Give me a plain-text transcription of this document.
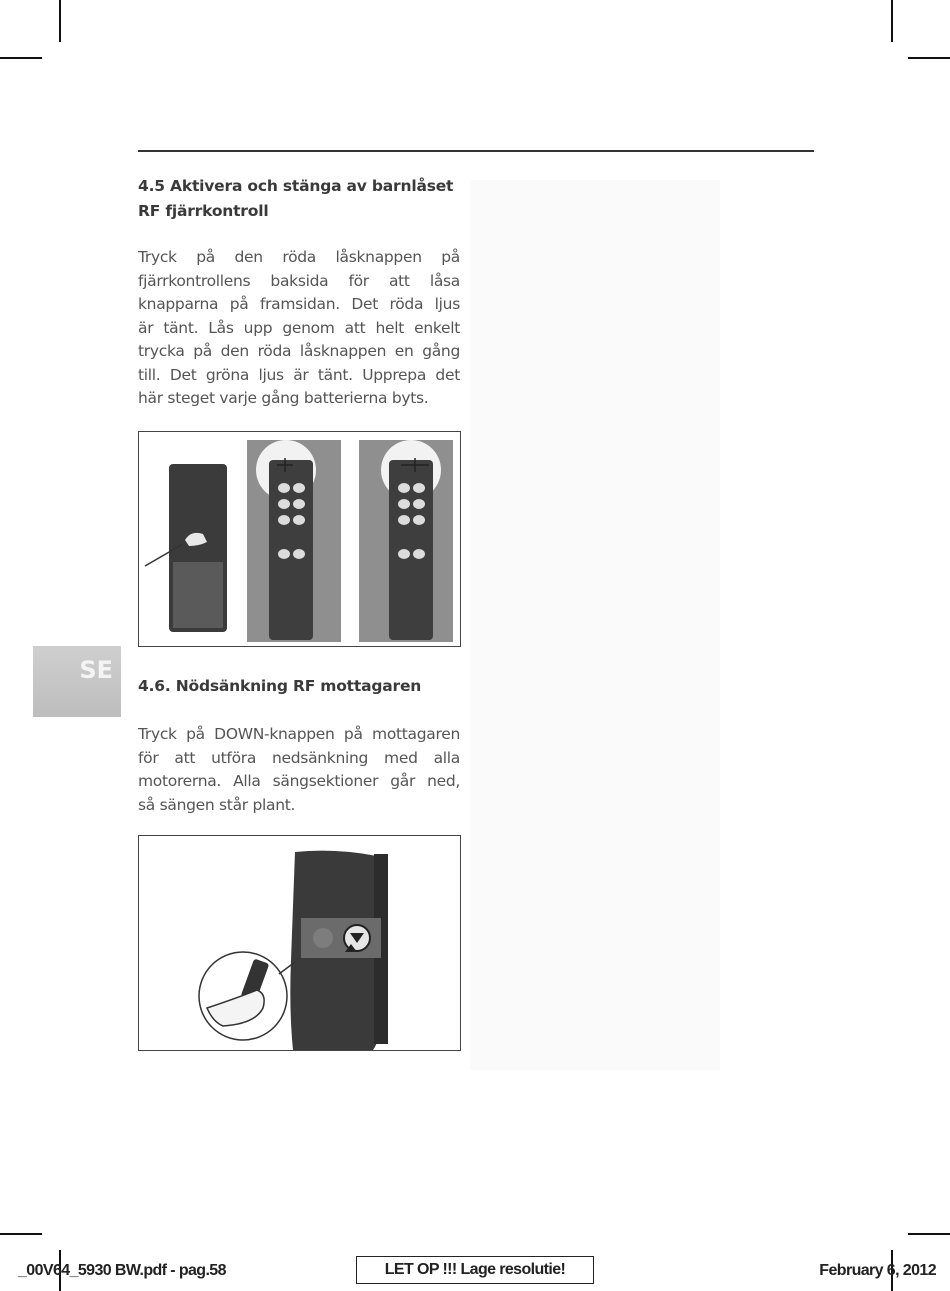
4.5 Aktivera och stänga av barnlåset
RF fjärrkontroll
Tryck på den röda låsknappen på
fjärrkontrollens baksida för att låsa
knapparna på framsidan. Det röda ljus
är tänt. Lås upp genom att helt enkelt
trycka på den röda låsknappen en gång
till. Det gröna ljus är tänt. Upprepa det
här steget varje gång batterierna byts.
SE
4.6. Nödsänkning RF mottagaren
Tryck på DOWN-knappen på mottagaren
för att utföra nedsänkning med alla
motorerna. Alla sängsektioner går ned,
så sängen står plant.
_00V64_5930 BW.pdf - pag.58	LET OP !!! Lage resolutie!	February 6, 2012
